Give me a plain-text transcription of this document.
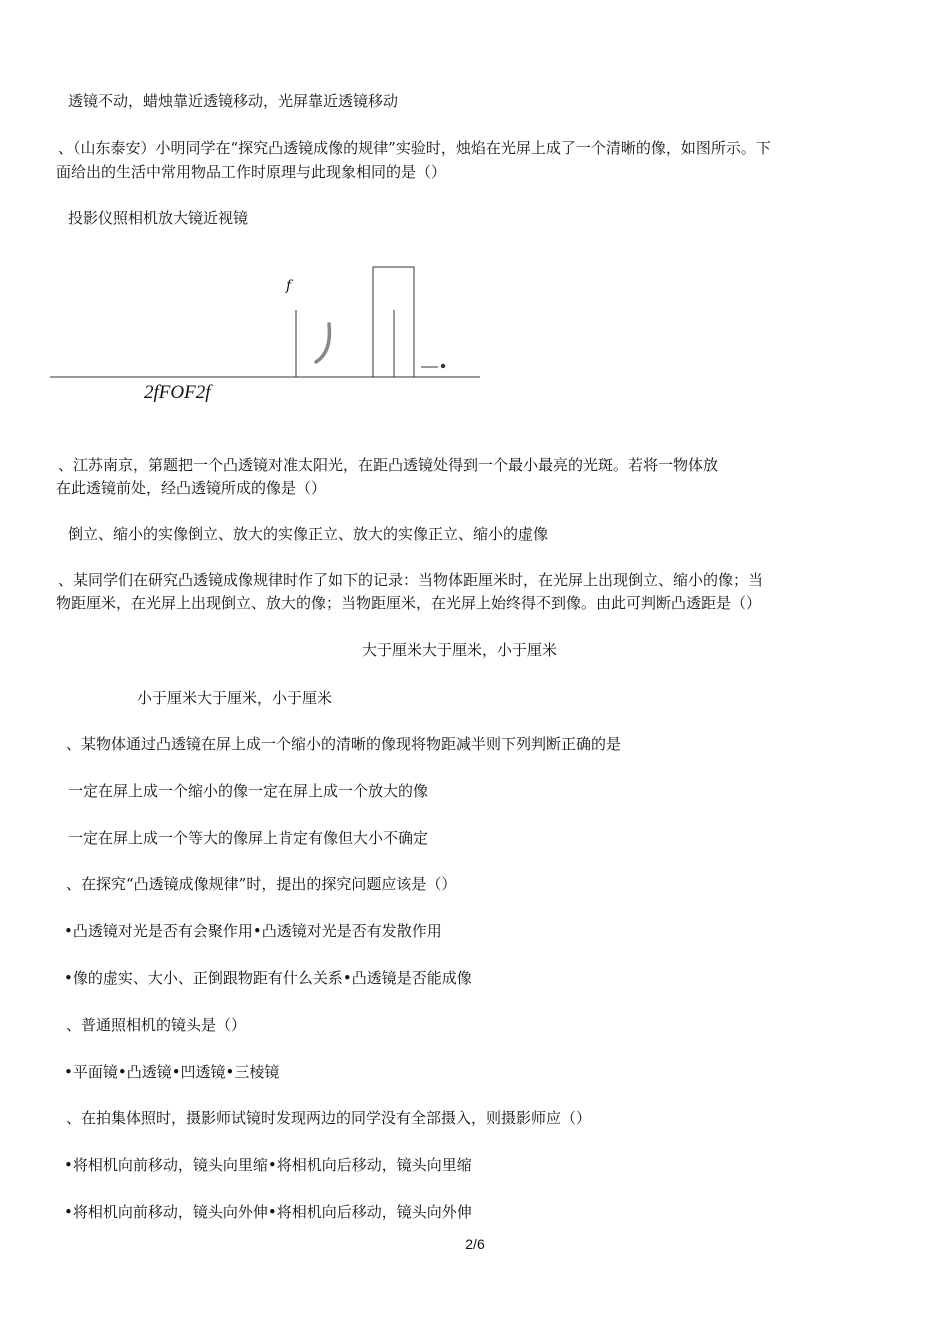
透镜不动，蜡烛靠近透镜移动，光屏靠近透镜移动
、（山东泰安）小明同学在“探究凸透镜成像的规律”实验时，烛焰在光屏上成了一个清晰的像，如图所示。下
面给出的生活中常用物品工作时原理与此现象相同的是（）
投影仪照相机放大镜近视镜
f
2fFOF2f
、江苏南京，第题把一个凸透镜对准太阳光，在距凸透镜处得到一个最小最亮的光斑。若将一物体放
在此透镜前处，经凸透镜所成的像是（）
倒立、缩小的实像倒立、放大的实像正立、放大的实像正立、缩小的虚像
、某同学们在研究凸透镜成像规律时作了如下的记录：当物体距厘米时，在光屏上出现倒立、缩小的像；当
物距厘米，在光屏上出现倒立、放大的像；当物距厘米，在光屏上始终得不到像。由此可判断凸透距是（）
大于厘米大于厘米，小于厘米
小于厘米大于厘米，小于厘米
、某物体通过凸透镜在屏上成一个缩小的清晰的像现将物距减半则下列判断正确的是
一定在屏上成一个缩小的像一定在屏上成一个放大的像
一定在屏上成一个等大的像屏上肯定有像但大小不确定
、在探究“凸透镜成像规律”时，提出的探究问题应该是（）
•凸透镜对光是否有会聚作用•凸透镜对光是否有发散作用
•像的虚实、大小、正倒跟物距有什么关系•凸透镜是否能成像
、普通照相机的镜头是（）
•平面镜•凸透镜•凹透镜•三棱镜
、在拍集体照时，摄影师试镜时发现两边的同学没有全部摄入，则摄影师应（）
•将相机向前移动，镜头向里缩•将相机向后移动，镜头向里缩
•将相机向前移动，镜头向外伸•将相机向后移动，镜头向外伸
2/6
